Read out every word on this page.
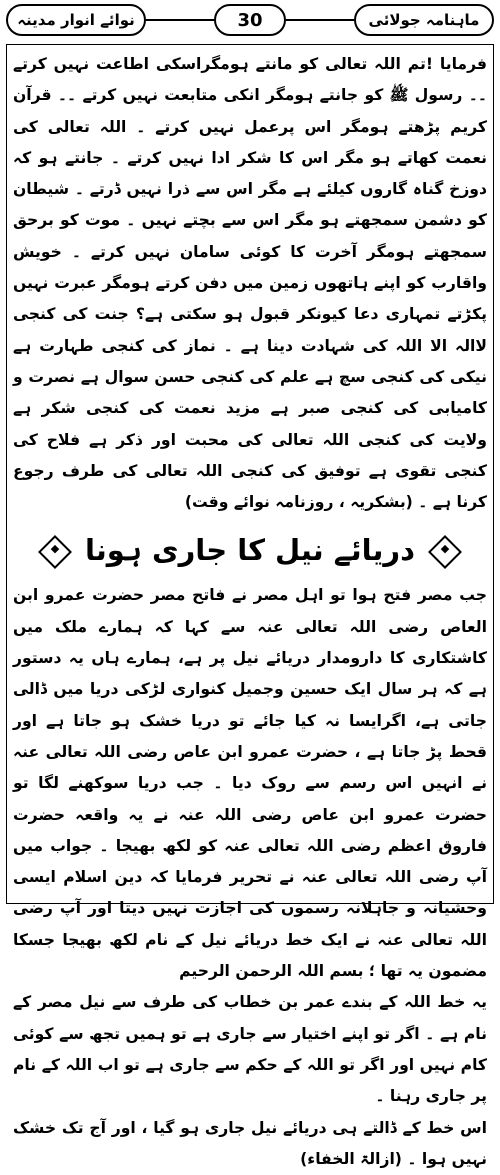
ماہنامہ جولائی
30
نوائے انوار مدینہ
فرمایا !تم اللہ تعالی کو مانتے ہومگراسکی اطاعت نہیں کرتے ۔۔ رسول ﷺ کو جانتے ہومگر انکی متابعت نہیں کرتے ۔۔ قرآن کریم پڑھتے ہومگر اس پرعمل نہیں کرتے ۔ اللہ تعالی کی نعمت کھاتے ہو مگر اس کا شکر ادا نہیں کرتے ۔ جانتے ہو کہ دوزخ گناہ گاروں کیلئے ہے مگر اس سے ذرا نہیں ڈرتے ۔ شیطان کو دشمن سمجھتے ہو مگر اس سے بچتے نہیں ۔ موت کو برحق سمجھتے ہومگر آخرت کا کوئی سامان نہیں کرتے ۔ خویش واقارب کو اپنے ہاتھوں زمین میں دفن کرتے ہومگر عبرت نہیں پکڑتے تمہاری دعا کیونکر قبول ہو سکتی ہے؟ جنت کی کنجی لاالہ الا اللہ کی شہادت دینا ہے ۔ نماز کی کنجی طہارت ہے نیکی کی کنجی سچ ہے علم کی کنجی حسن سوال ہے نصرت و کامیابی کی کنجی صبر ہے مزید نعمت کی کنجی شکر ہے ولایت کی کنجی اللہ تعالی کی محبت اور ذکر ہے فلاح کی کنجی تقوی ہے توفیق کی کنجی اللہ تعالی کی طرف رجوع کرنا ہے ۔ (بشکریہ ، روزنامہ نوائے وقت)
دریائے نیل کا جاری ہونا
جب مصر فتح ہوا تو اہل مصر نے فاتح مصر حضرت عمرو ابن العاص رضی اللہ تعالی عنہ سے کہا کہ ہمارے ملک میں کاشتکاری کا دارومدار دریائے نیل پر ہے، ہمارے ہاں یہ دستور ہے کہ ہر سال ایک حسین وجمیل کنواری لڑکی دریا میں ڈالی جاتی ہے، اگرایسا نہ کیا جائے تو دریا خشک ہو جاتا ہے اور قحط پڑ جاتا ہے ، حضرت عمرو ابن عاص رضی اللہ تعالی عنہ نے انہیں اس رسم سے روک دیا ۔ جب دریا سوکھنے لگا تو حضرت عمرو ابن عاص رضی اللہ عنہ نے یہ واقعہ حضرت فاروق اعظم رضی اللہ تعالی عنہ کو لکھ بھیجا ۔ جواب میں آپ رضی اللہ تعالی عنہ نے تحریر فرمایا کہ دین اسلام ایسی وحشیانہ و جاہلانہ رسموں کی اجازت نہیں دیتا اور آپ رضی اللہ تعالی عنہ نے ایک خط دریائے نیل کے نام لکھ بھیجا جسکا مضمون یہ تھا ؛ بسم اللہ الرحمن الرحیم
یہ خط اللہ کے بندے عمر بن خطاب کی طرف سے نیل مصر کے نام ہے ۔ اگر تو اپنے اختیار سے جاری ہے تو ہمیں تجھ سے کوئی کام نہیں اور اگر تو اللہ کے حکم سے جاری ہے تو اب اللہ کے نام پر جاری رہنا ۔
اس خط کے ڈالتے ہی دریائے نیل جاری ہو گیا ، اور آج تک خشک نہیں ہوا ۔ (ازالۃ الخفاء)
